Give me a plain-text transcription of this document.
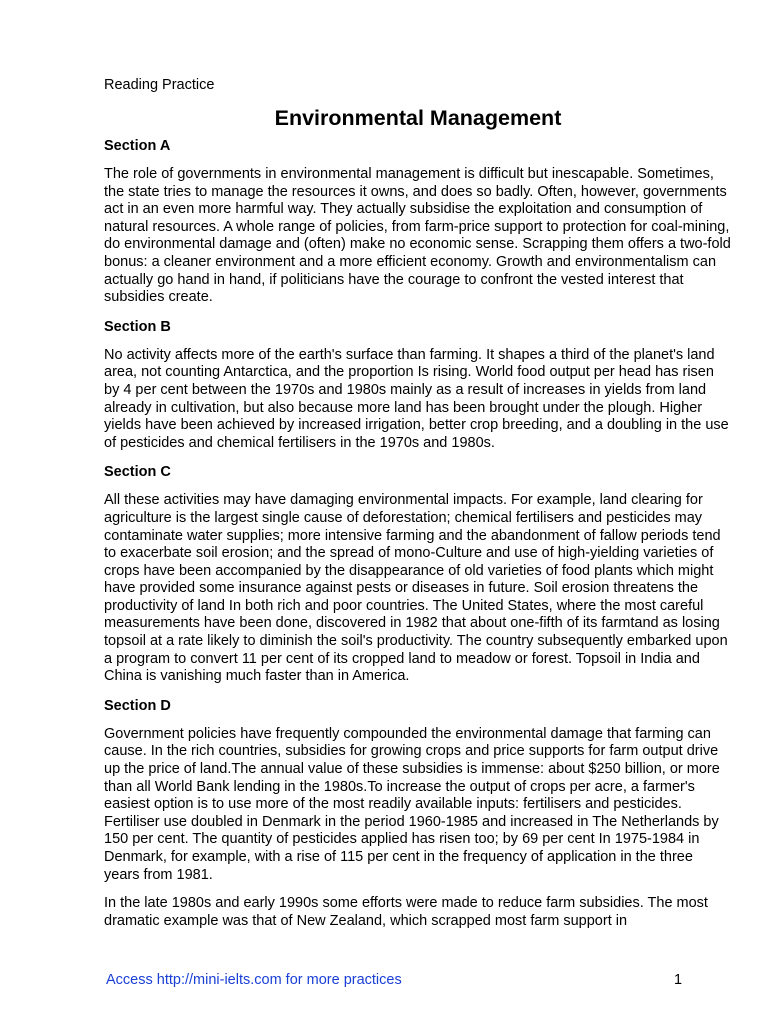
Reading Practice
Environmental Management

Section A

The role of governments in environmental management is difficult but inescapable. Sometimes, the state tries to manage the resources it owns, and does so badly. Often, however, governments act in an even more harmful way. They actually subsidise the exploitation and consumption of natural resources. A whole range of policies, from farm-price support to protection for coal-mining, do environmental damage and (often) make no economic sense. Scrapping them offers a two-fold bonus: a cleaner environment and a more efficient economy. Growth and environmentalism can actually go hand in hand, if politicians have the courage to confront the vested interest that subsidies create.

Section B

No activity affects more of the earth's surface than farming. It shapes a third of the planet's land area, not counting Antarctica, and the proportion Is rising. World food output per head has risen by 4 per cent between the 1970s and 1980s mainly as a result of increases in yields from land already in cultivation, but also because more land has been brought under the plough. Higher yields have been achieved by increased irrigation, better crop breeding, and a doubling in the use of pesticides and chemical fertilisers in the 1970s and 1980s.

Section C

All these activities may have damaging environmental impacts. For example, land clearing for agriculture is the largest single cause of deforestation; chemical fertilisers and pesticides may contaminate water supplies; more intensive farming and the abandonment of fallow periods tend to exacerbate soil erosion; and the spread of mono-Culture and use of high-yielding varieties of crops have been accompanied by the disappearance of old varieties of food plants which might have provided some insurance against pests or diseases in future. Soil erosion threatens the productivity of land In both rich and poor countries. The United States, where the most careful measurements have been done, discovered in 1982 that about one-fifth of its farmtand as losing topsoil at a rate likely to diminish the soil's productivity. The country subsequently embarked upon a program to convert 11 per cent of its cropped land to meadow or forest. Topsoil in India and China is vanishing much faster than in America.

Section D

Government policies have frequently compounded the environmental damage that farming can cause. In the rich countries, subsidies for growing crops and price supports for farm output drive up the price of land.The annual value of these subsidies is immense: about $250 billion, or more than all World Bank lending in the 1980s.To increase the output of crops per acre, a farmer's easiest option is to use more of the most readily available inputs: fertilisers and pesticides. Fertiliser use doubled in Denmark in the period 1960-1985 and increased in The Netherlands by 150 per cent. The quantity of pesticides applied has risen too; by 69 per cent In 1975-1984 in Denmark, for example, with a rise of 115 per cent in the frequency of application in the three years from 1981.

In the late 1980s and early 1990s some efforts were made to reduce farm subsidies. The most dramatic example was that of New Zealand, which scrapped most farm support in

Access http://mini-ielts.com for more practices	1
